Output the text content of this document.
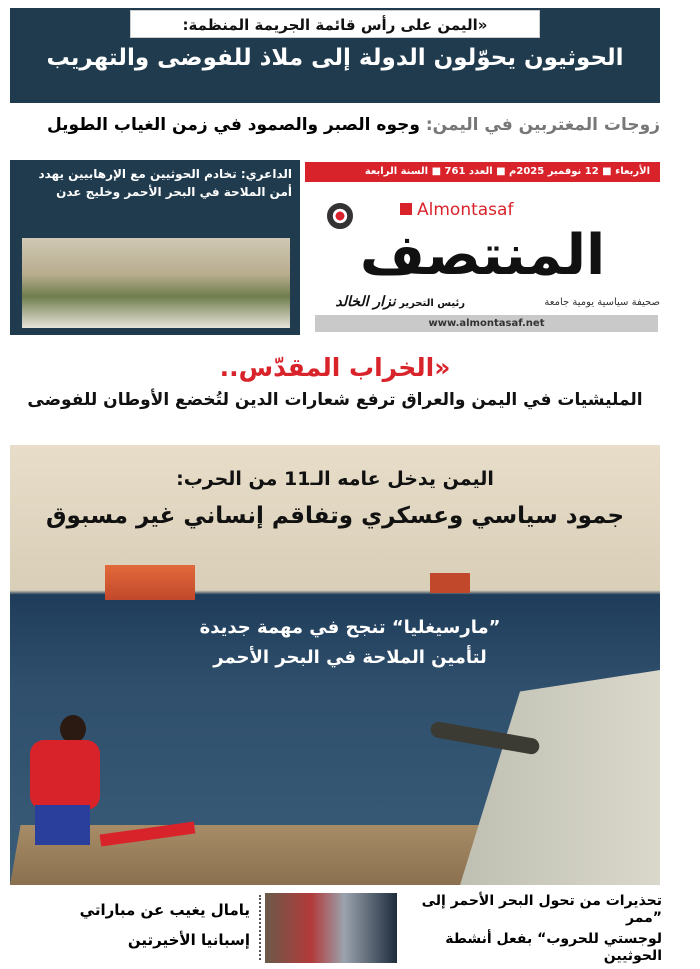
«اليمن على رأس قائمة الجريمة المنظمة:
الحوثيون يحوّلون الدولة إلى ملاذ للفوضى والتهريب
زوجات المغتربين في اليمن: وجوه الصبر والصمود في زمن الغياب الطويل
الداعري: تخادم الحوثيين مع الإرهابيين يهدد أمن الملاحة في البحر الأحمر وخليج عدن
الأربعاء ■ 12 نوفمبر 2025م ■ العدد 761 ■ السنة الرابعة
المنتصف
Almontasaf
صحيفة سياسية يومية جامعة
رئيس التحرير نزار الخالد
www.almontasaf.net
«الخراب المقدّس..
المليشيات في اليمن والعراق ترفع شعارات الدين لتُخضع الأوطان للفوضى
اليمن يدخل عامه الـ11 من الحرب:
جمود سياسي وعسكري وتفاقم إنساني غير مسبوق
”مارسيغليا“ تنجح في مهمة جديدة
لتأمين الملاحة في البحر الأحمر
تحذيرات من تحول البحر الأحمر إلى ”ممر
لوجستي للحروب“ بفعل أنشطة الحوثيين
يامال يغيب عن مباراتي
إسبانيا الأخيرتين
